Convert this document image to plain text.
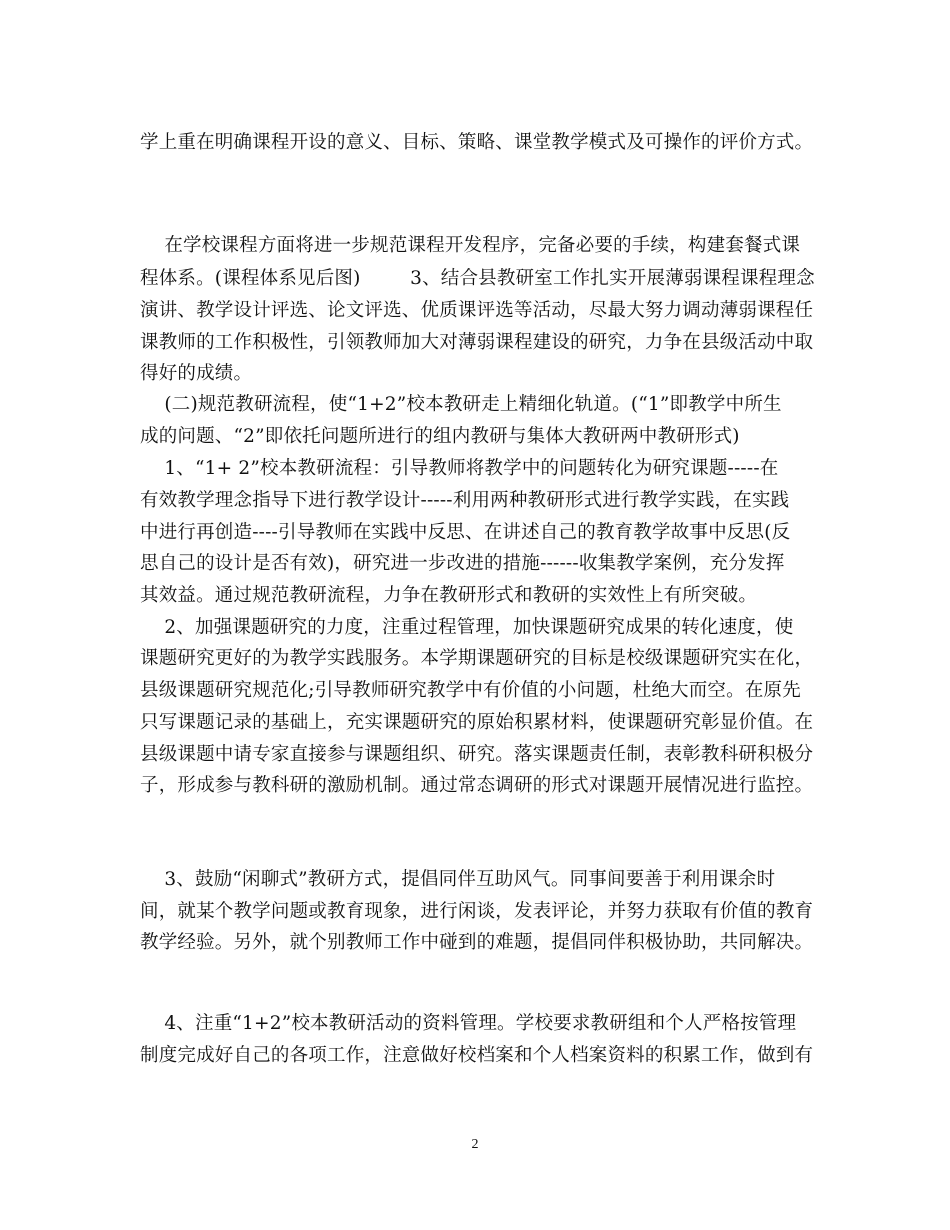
学上重在明确课程开设的意义、目标、策略、课堂教学模式及可操作的评价方式。
在学校课程方面将进一步规范课程开发程序，完备必要的手续，构建套餐式课
程体系。(课程体系见后图)　　  3、结合县教研室工作扎实开展薄弱课程课程理念
演讲、教学设计评选、论文评选、优质课评选等活动，尽最大努力调动薄弱课程任
课教师的工作积极性，引领教师加大对薄弱课程建设的研究，力争在县级活动中取
得好的成绩。
(二)规范教研流程，使“1+2”校本教研走上精细化轨道。(“1”即教学中所生
成的问题、“2”即依托问题所进行的组内教研与集体大教研两中教研形式)
1、“1+ 2”校本教研流程：引导教师将教学中的问题转化为研究课题-----在
有效教学理念指导下进行教学设计-----利用两种教研形式进行教学实践，在实践
中进行再创造----引导教师在实践中反思、在讲述自己的教育教学故事中反思(反
思自己的设计是否有效)，研究进一步改进的措施------收集教学案例，充分发挥
其效益。通过规范教研流程，力争在教研形式和教研的实效性上有所突破。
2、加强课题研究的力度，注重过程管理，加快课题研究成果的转化速度，使
课题研究更好的为教学实践服务。本学期课题研究的目标是校级课题研究实在化，
县级课题研究规范化;引导教师研究教学中有价值的小问题，杜绝大而空。在原先
只写课题记录的基础上，充实课题研究的原始积累材料，使课题研究彰显价值。在
县级课题中请专家直接参与课题组织、研究。落实课题责任制，表彰教科研积极分
子，形成参与教科研的激励机制。通过常态调研的形式对课题开展情况进行监控。
3、鼓励“闲聊式”教研方式，提倡同伴互助风气。同事间要善于利用课余时
间，就某个教学问题或教育现象，进行闲谈，发表评论，并努力获取有价值的教育
教学经验。另外，就个别教师工作中碰到的难题，提倡同伴积极协助，共同解决。
4、注重“1+2”校本教研活动的资料管理。学校要求教研组和个人严格按管理
制度完成好自己的各项工作，注意做好校档案和个人档案资料的积累工作，做到有
2
